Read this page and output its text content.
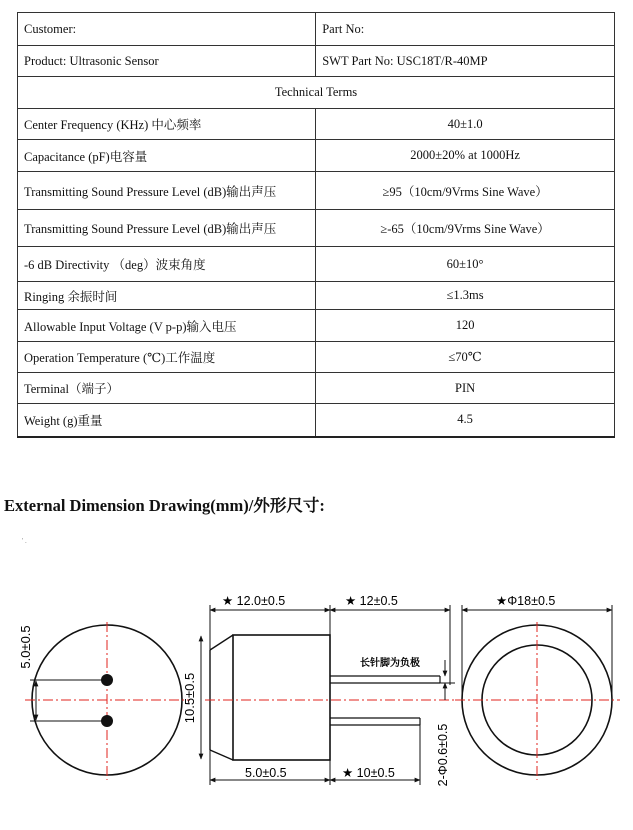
Customer:	Part No:
Product: Ultrasonic Sensor	SWT Part No: USC18T/R-40MP
Technical Terms	
Center Frequency (KHz) 中心频率	40±1.0
Capacitance (pF)电容量	2000±20% at 1000Hz
Transmitting Sound Pressure Level (dB)输出声压	≥95（10cm/9Vrms Sine Wave）
Transmitting Sound Pressure Level (dB)输出声压	≥-65（10cm/9Vrms Sine Wave）
-6 dB Directivity （deg）波束角度	60±10°
Ringing 余振时间	≤1.3ms
Allowable Input Voltage (V p-p)输入电压	120
Operation Temperature (℃)工作温度	≤70℃
Terminal（端子）	PIN
Weight (g)重量	4.5
External Dimension Drawing(mm)/外形尺寸:
' .
5.0±0.5
★ 12.0±0.5	★ 12±0.5
长针脚为负极
10.5±0.5
5.0±0.5	★ 10±0.5	2-Φ0.6±0.5
★Φ18±0.5
